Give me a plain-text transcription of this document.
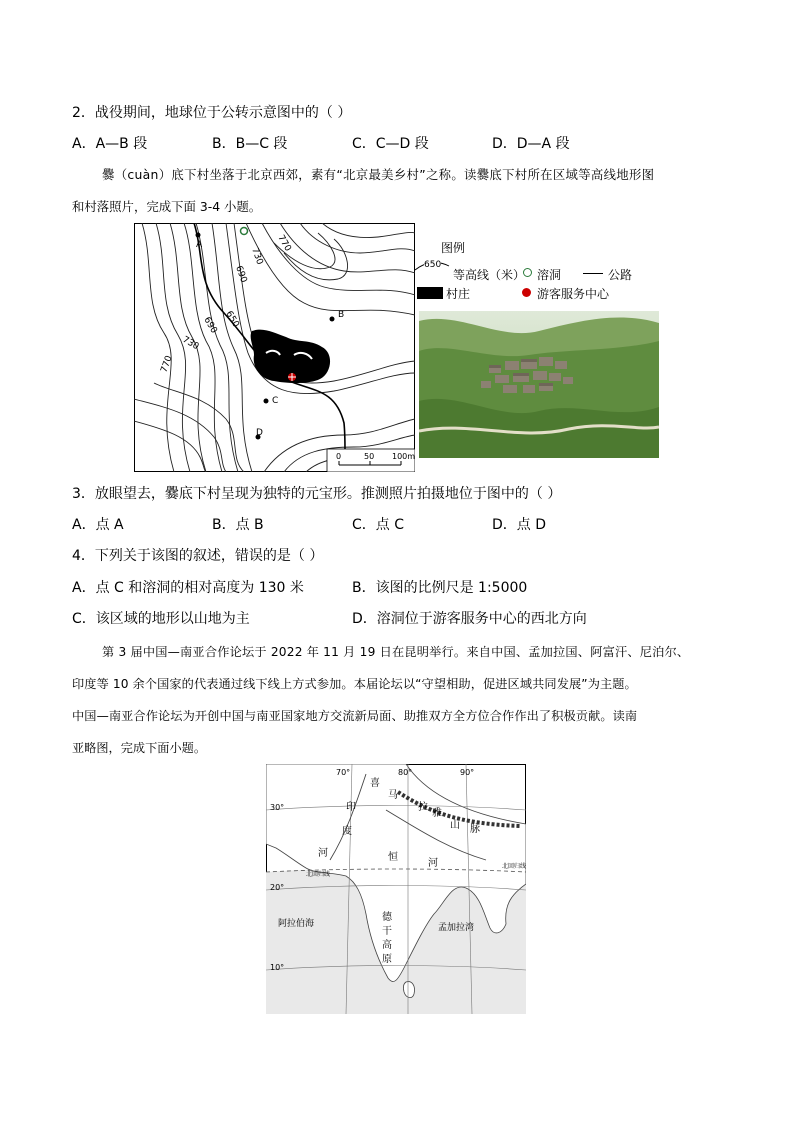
2．战役期间，地球位于公转示意图中的（ ）
A．A—B 段	B．B—C 段	C．C—D 段	D．D—A 段
爨（cuàn）底下村坐落于北京西郊，素有“北京最美乡村”之称。读爨底下村所在区域等高线地形图
和村落照片，完成下面 3-4 小题。
A
B
C
D
770
730
690
650
690
730
770
0	50 100m
图例
650
等高线（米） 溶洞	公路
村庄	游客服务中心
3．放眼望去，爨底下村呈现为独特的元宝形。推测照片拍摄地位于图中的（ ）
A．点 A	B．点 B	C．点 C	D．点 D
4．下列关于该图的叙述，错误的是（ ）
A．点 C 和溶洞的相对高度为 130 米	B．该图的比例尺是 1:5000
C．该区域的地形以山地为主	D．溶洞位于游客服务中心的西北方向
第 3 届中国—南亚合作论坛于 2022 年 11 月 19 日在昆明举行。来自中国、孟加拉国、阿富汗、尼泊尔、
印度等 10 余个国家的代表通过线下线上方式参加。本届论坛以“守望相助，促进区域共同发展”为主题。
中国—南亚合作论坛为开创中国与南亚国家地方交流新局面、助推双方全方位合作作出了积极贡献。读南
亚略图，完成下面小题。
70°	80°	90°
30°
20°
10°
喜
马
拉
雅
山 脉
印
度
河	恒
河
德
干
高
原
阿拉伯海	孟加拉湾
北回归线
北回归线
